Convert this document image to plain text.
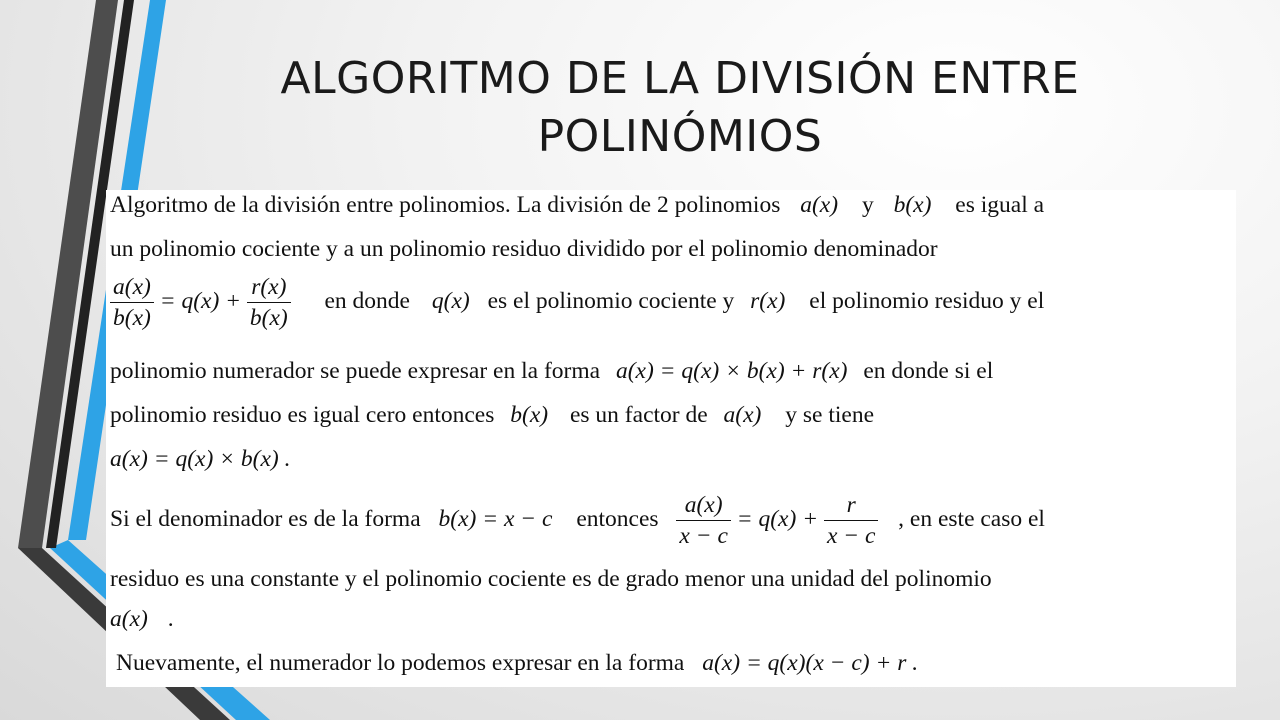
ALGORITMO DE LA DIVISIÓN ENTRE
POLINÓMIOS
Algoritmo de la división entre polinomios. La división de 2 polinomios a(x) y b(x) es igual a
un polinomio cociente y a un polinomio residuo dividido por el polinomio denominador
$\frac{a(x)}{b(x)} = q(x) + \frac{r(x)}{b(x)}$ en donde q(x) es el polinomio cociente y r(x) el polinomio residuo y el
polinomio numerador se puede expresar en la forma a(x) = q(x) × b(x) + r(x) en donde si el
polinomio residuo es igual cero entonces b(x) es un factor de a(x) y se tiene
a(x) = q(x) × b(x) .
Si el denominador es de la forma b(x) = x − c entonces $\frac{a(x)}{x - c} = q(x) + \frac{r}{x - c}$ , en este caso el
residuo es una constante y el polinomio cociente es de grado menor una unidad del polinomio
a(x) .
Nuevamente, el numerador lo podemos expresar en la forma a(x) = q(x)(x − c) + r .
